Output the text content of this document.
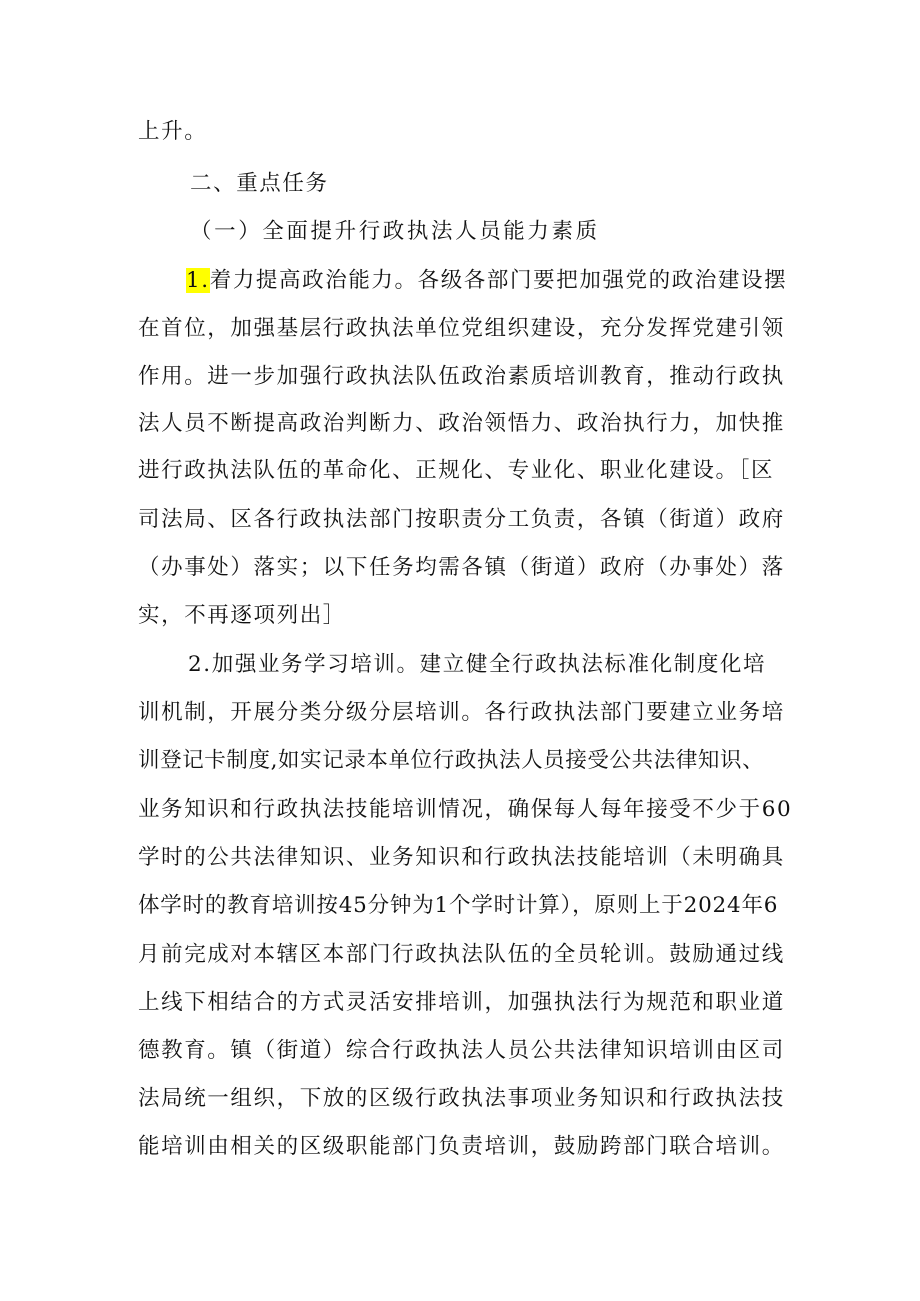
上升。
二、重点任务
（一）全面提升行政执法人员能力素质
1.着力提高政治能力。各级各部门要把加强党的政治建设摆
在首位，加强基层行政执法单位党组织建设，充分发挥党建引领
作用。进一步加强行政执法队伍政治素质培训教育，推动行政执
法人员不断提高政治判断力、政治领悟力、政治执行力，加快推
进行政执法队伍的革命化、正规化、专业化、职业化建设。［区
司法局、区各行政执法部门按职责分工负责，各镇（街道）政府
（办事处）落实；以下任务均需各镇（街道）政府（办事处）落
实，不再逐项列出］
2.加强业务学习培训。建立健全行政执法标准化制度化培
训机制，开展分类分级分层培训。各行政执法部门要建立业务培
训登记卡制度,如实记录本单位行政执法人员接受公共法律知识、
业务知识和行政执法技能培训情况，确保每人每年接受不少于60
学时的公共法律知识、业务知识和行政执法技能培训（未明确具
体学时的教育培训按45分钟为1个学时计算），原则上于2024年6
月前完成对本辖区本部门行政执法队伍的全员轮训。鼓励通过线
上线下相结合的方式灵活安排培训，加强执法行为规范和职业道
德教育。镇（街道）综合行政执法人员公共法律知识培训由区司
法局统一组织，下放的区级行政执法事项业务知识和行政执法技
能培训由相关的区级职能部门负责培训，鼓励跨部门联合培训。
